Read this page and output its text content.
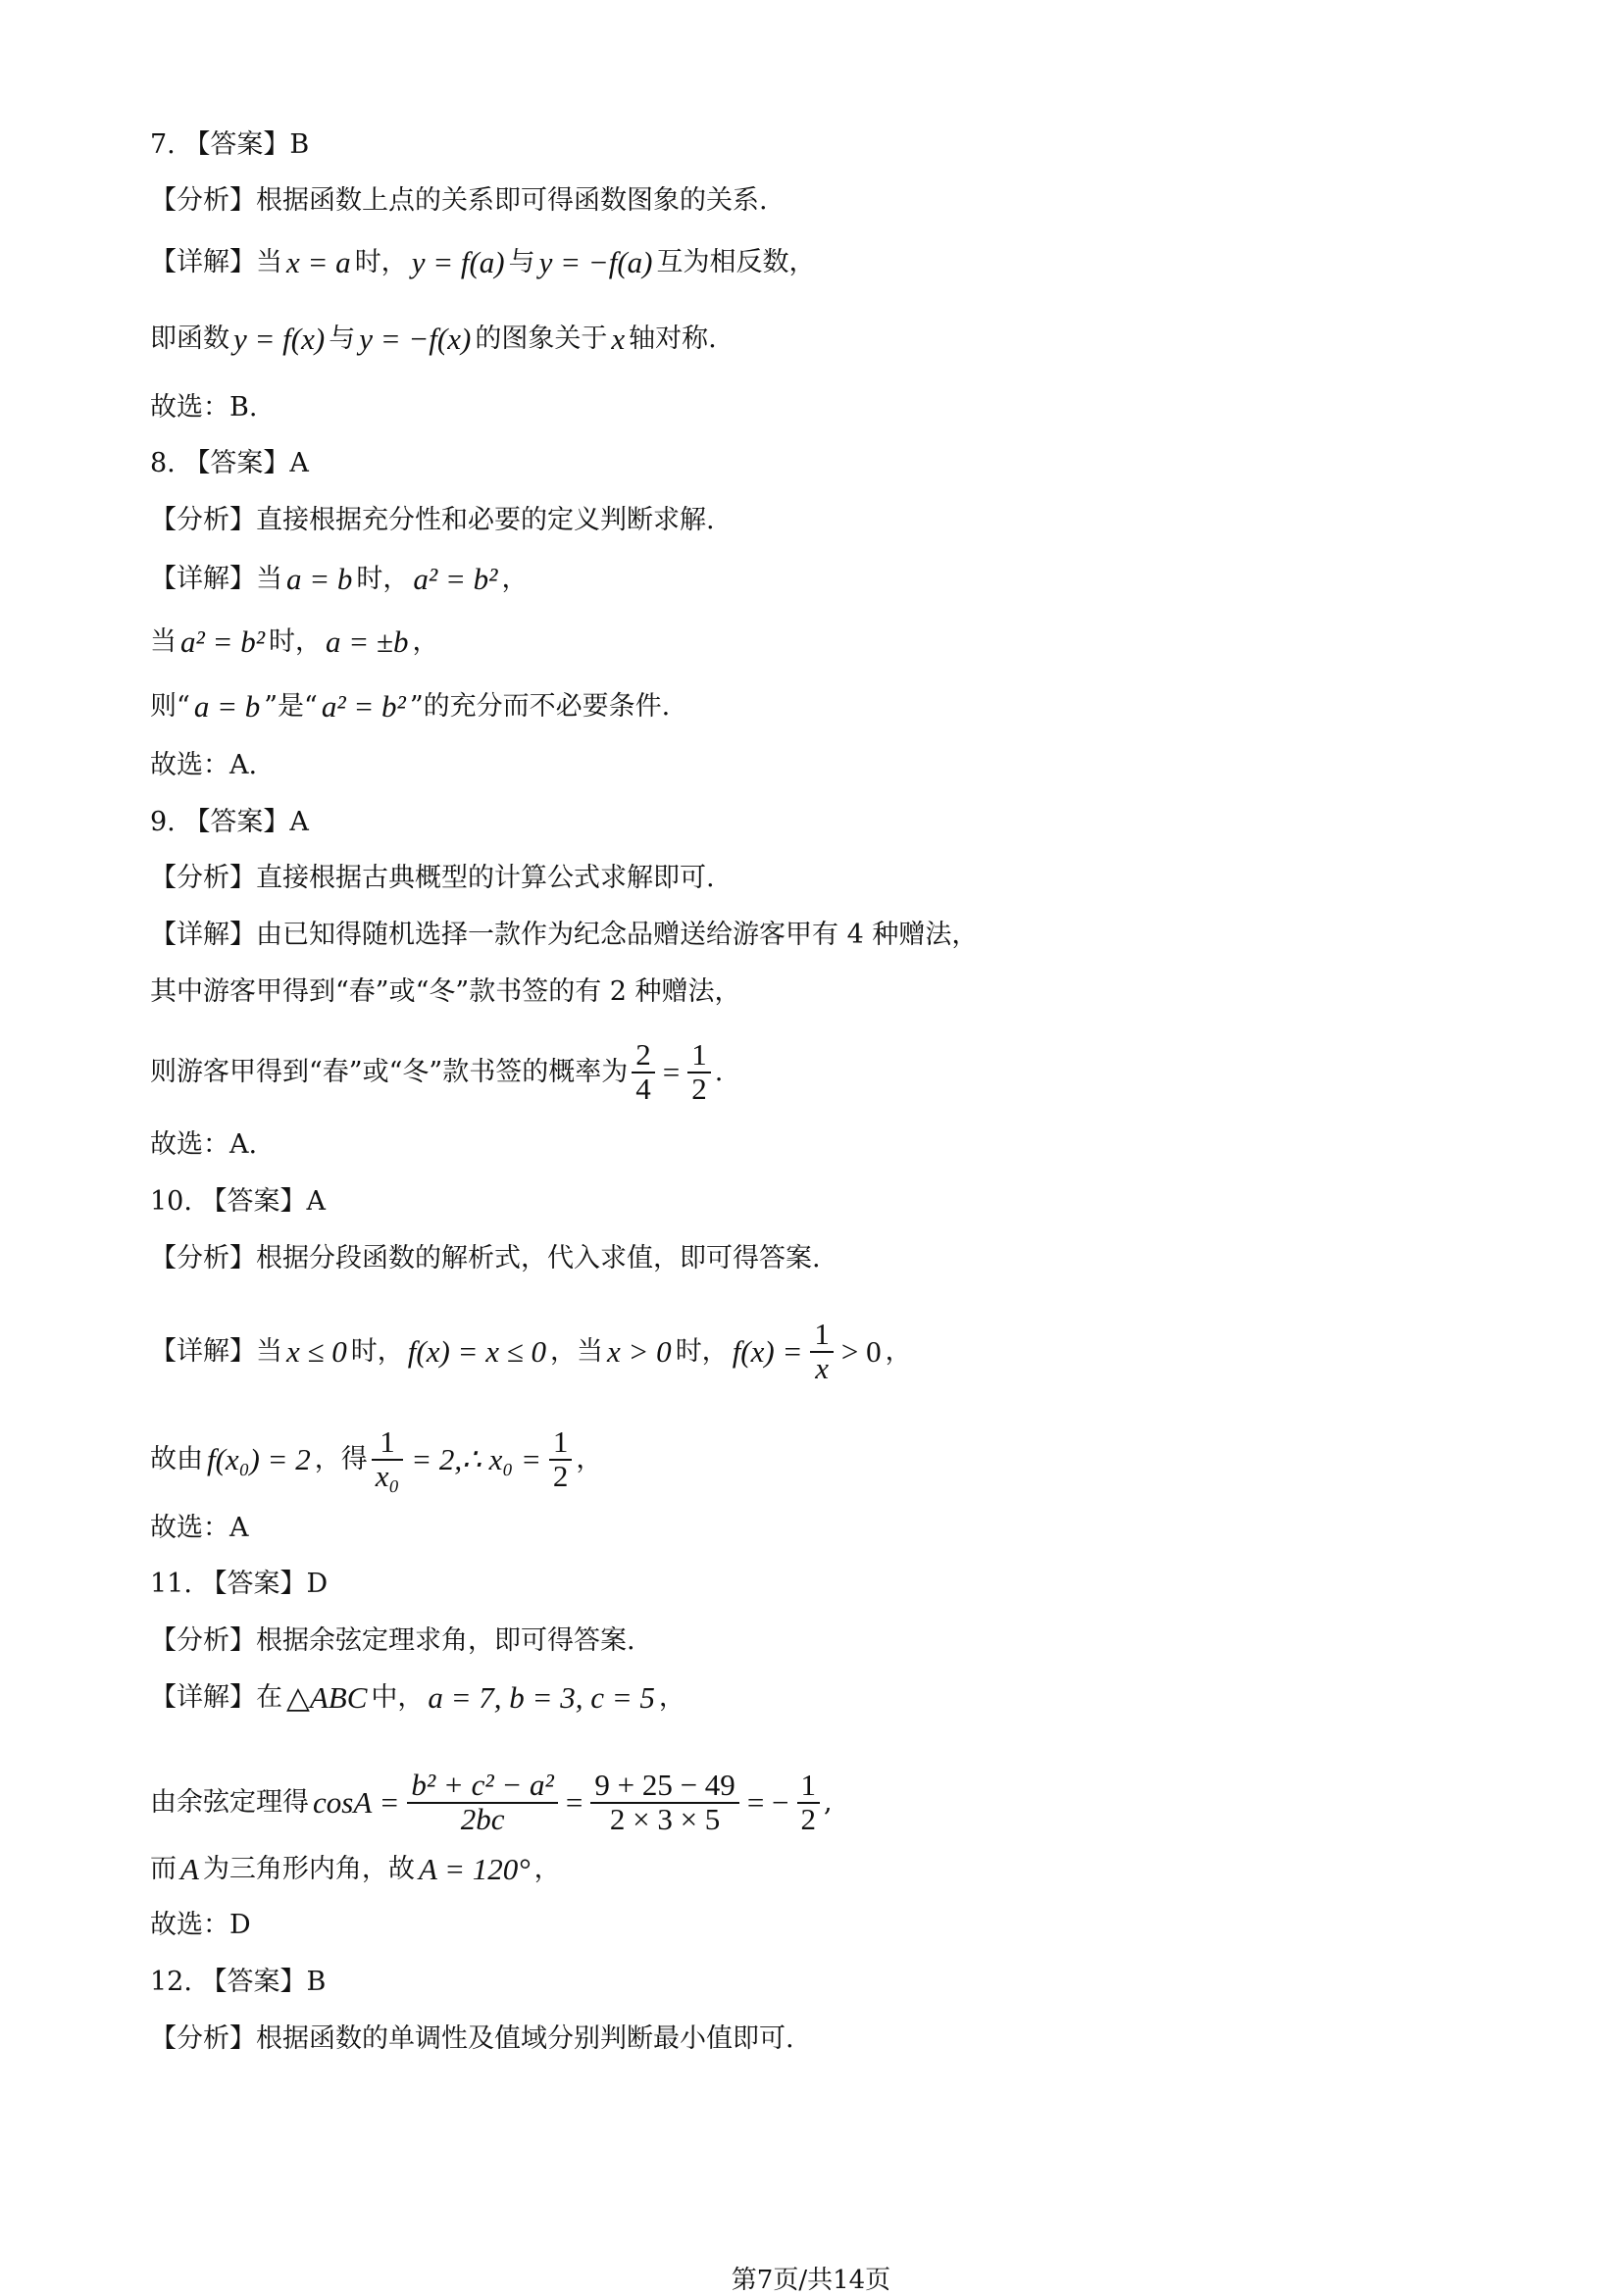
7. 【答案】B
【分析】根据函数上点的关系即可得函数图象的关系.
【详解】当 x = a 时， y = f(a) 与 y = −f(a) 互为相反数，
即函数 y = f(x) 与 y = −f(x) 的图象关于 x 轴对称.
故选：B.
8. 【答案】A
【分析】直接根据充分性和必要的定义判断求解.
【详解】当 a = b 时， a² = b² ，
当 a² = b² 时， a = ±b ，
则“ a = b ”是“ a² = b² ”的充分而不必要条件.
故选：A.
9. 【答案】A
【分析】直接根据古典概型的计算公式求解即可.
【详解】由已知得随机选择一款作为纪念品赠送给游客甲有 4 种赠法，
其中游客甲得到“春”或“冬”款书签的有 2 种赠法，
则游客甲得到“春”或“冬”款书签的概率为 $\frac{2}{4} = \frac{1}{2}$ .
故选：A.
10. 【答案】A
【分析】根据分段函数的解析式，代入求值，即可得答案.
【详解】当 x ≤ 0 时， f(x) = x ≤ 0 ，当 x > 0 时， $f(x) = \frac{1}{x} > 0$ ，
故由 f(x₀) = 2 ，得 $\frac{1}{\text{x₀}}$ = 2,∴ $x_0 = \frac{1}{2}$ ，
故选：A
11. 【答案】D
【分析】根据余弦定理求角，即可得答案.
【详解】在 △ABC 中， a = 7, b = 3, c = 5 ，
由余弦定理得 $\cos A = \frac{\text{b² + c² − a²}}{2bc} = \frac{9 + 25 - 49}{2 \times 3 \times 5}$ = − $\frac{1}{2}$ ,
而 A 为三角形内角，故 A = 120° ，
故选：D
12. 【答案】B
【分析】根据函数的单调性及值域分别判断最小值即可.
第7页/共14页
